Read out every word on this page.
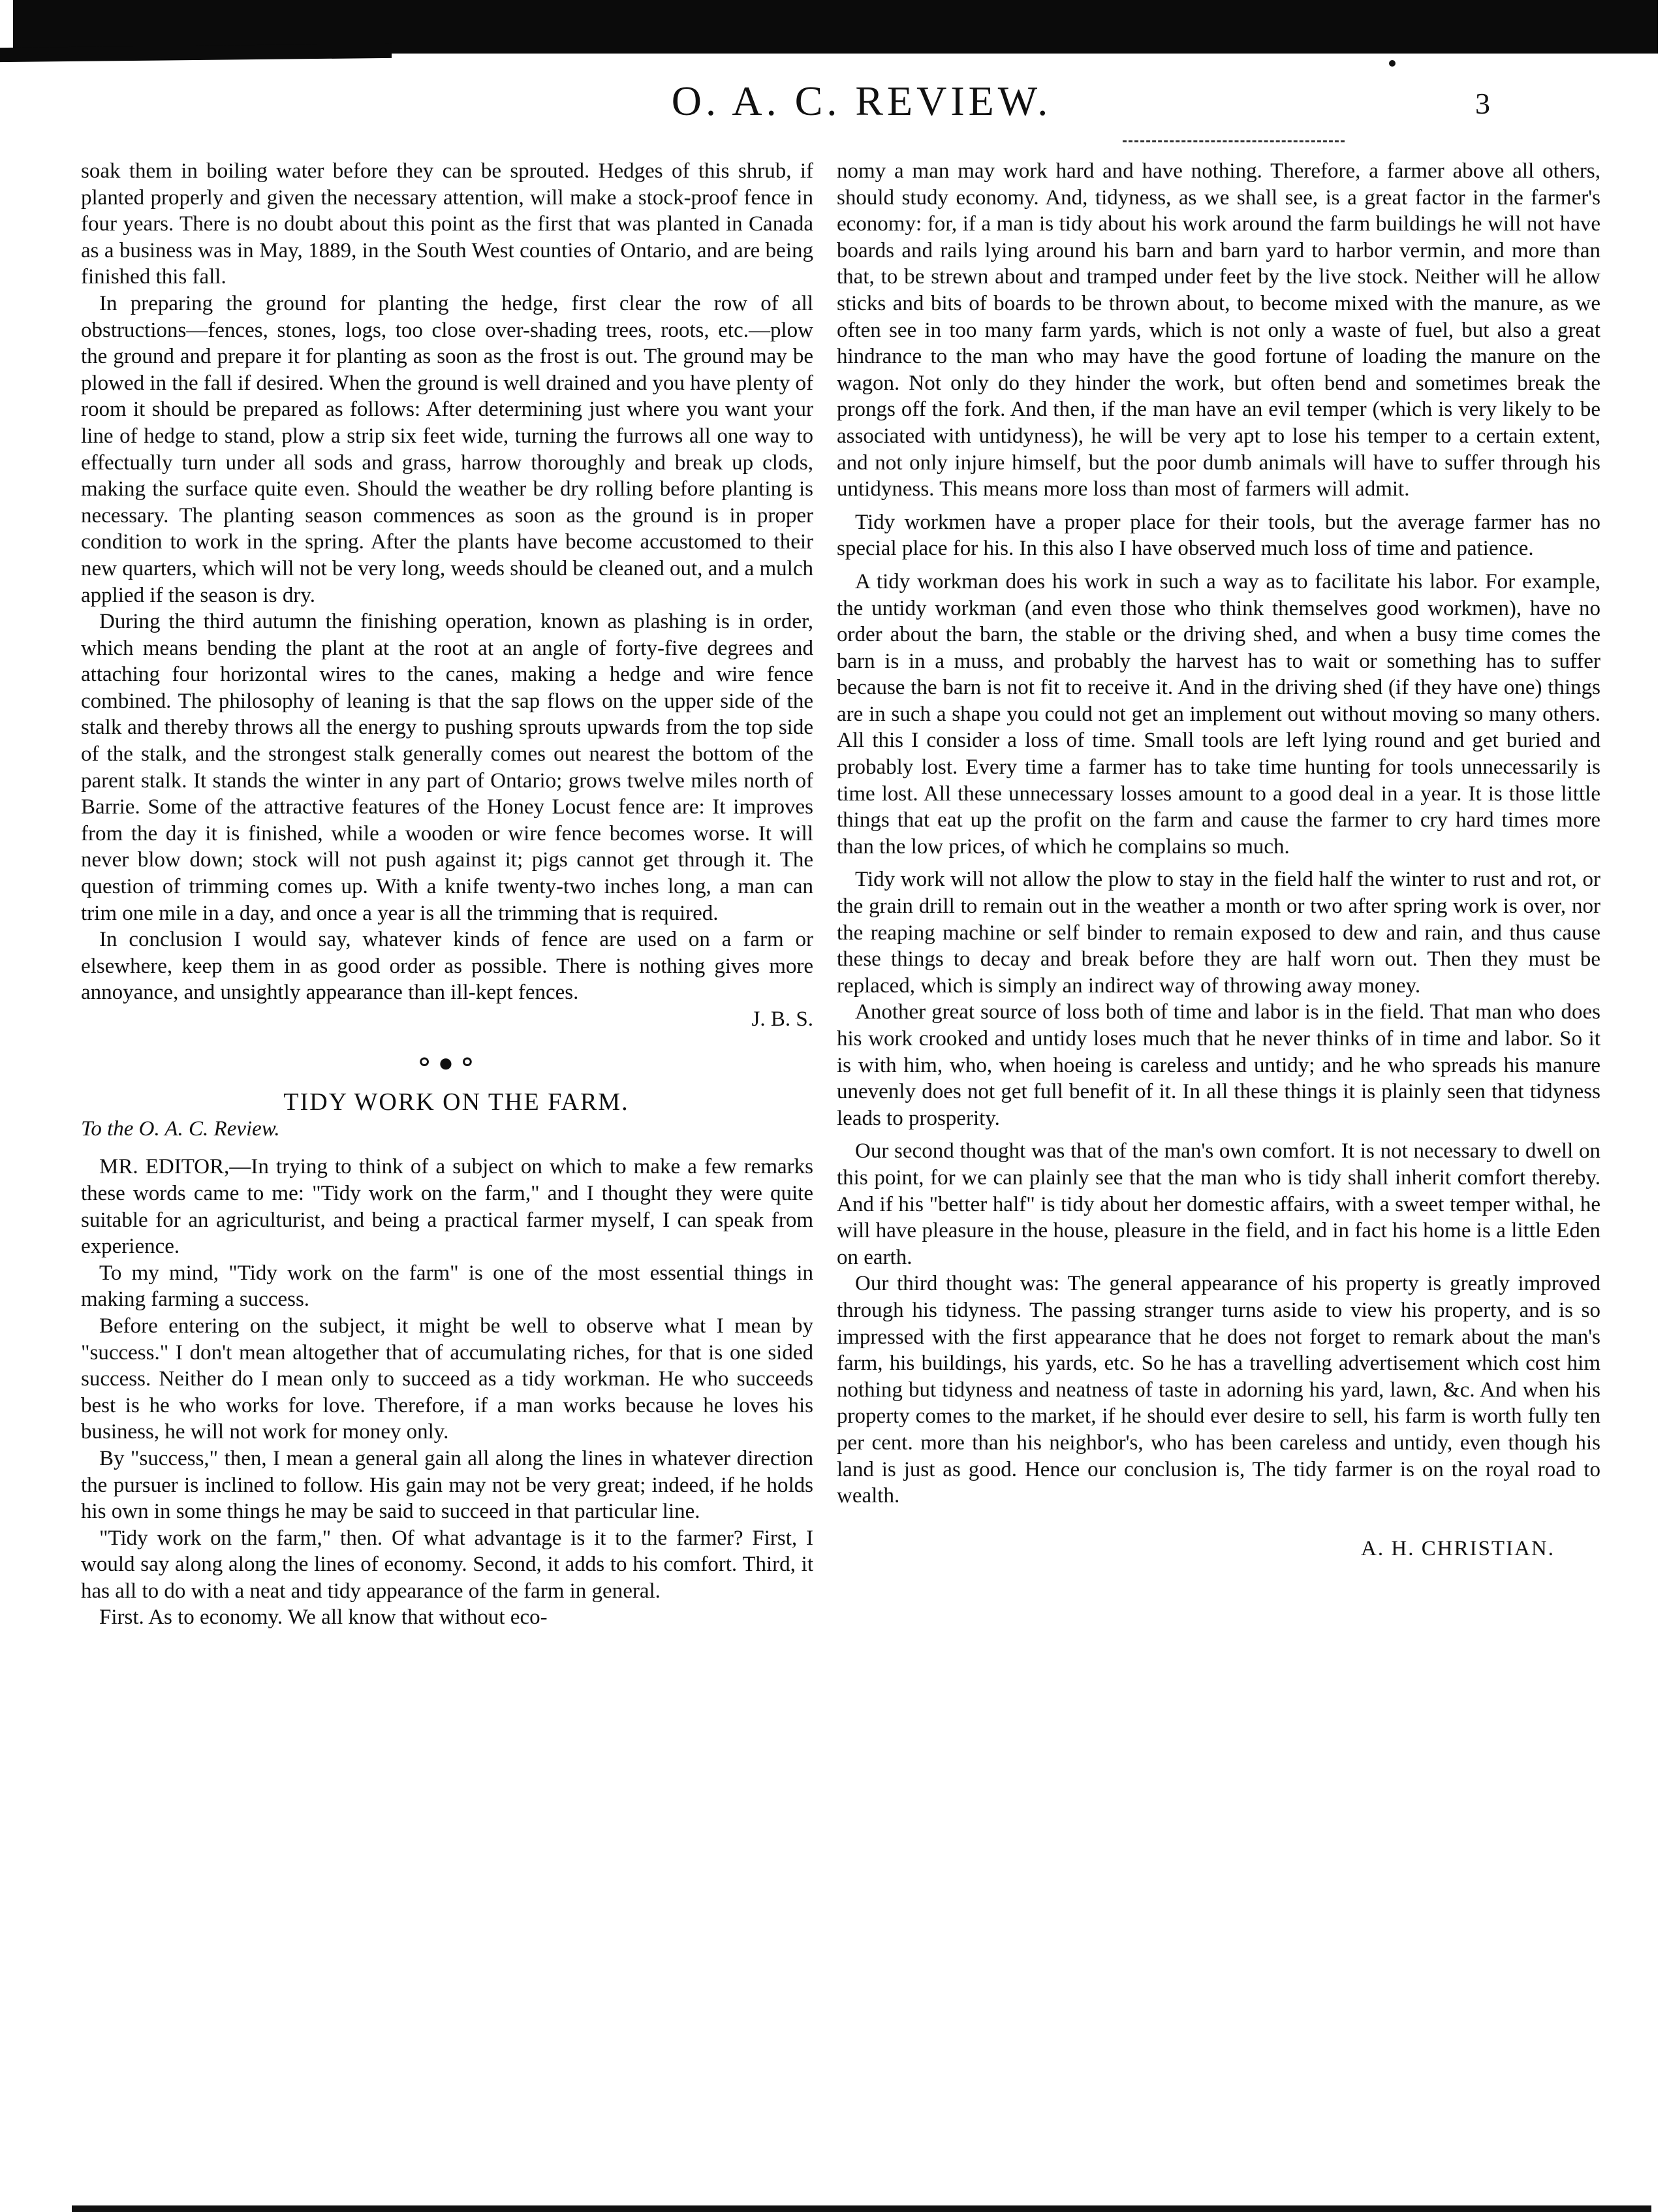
O. A. C. REVIEW.	3

soak them in boiling water before they can be sprouted. Hedges of this shrub, if planted properly and given the necessary attention, will make a stock-proof fence in four years. There is no doubt about this point as the first that was planted in Canada as a business was in May, 1889, in the South West counties of Ontario, and are being finished this fall.

In preparing the ground for planting the hedge, first clear the row of all obstructions—fences, stones, logs, too close over-shading trees, roots, etc.—plow the ground and prepare it for planting as soon as the frost is out. The ground may be plowed in the fall if desired. When the ground is well drained and you have plenty of room it should be prepared as follows: After determining just where you want your line of hedge to stand, plow a strip six feet wide, turning the furrows all one way to effectually turn under all sods and grass, harrow thoroughly and break up clods, making the surface quite even. Should the weather be dry rolling before planting is necessary. The planting season commences as soon as the ground is in proper condition to work in the spring. After the plants have become accustomed to their new quarters, which will not be very long, weeds should be cleaned out, and a mulch applied if the season is dry.

During the third autumn the finishing operation, known as plashing is in order, which means bending the plant at the root at an angle of forty-five degrees and attaching four horizontal wires to the canes, making a hedge and wire fence combined. The philosophy of leaning is that the sap flows on the upper side of the stalk and thereby throws all the energy to pushing sprouts upwards from the top side of the stalk, and the strongest stalk generally comes out nearest the bottom of the parent stalk. It stands the winter in any part of Ontario; grows twelve miles north of Barrie. Some of the attractive features of the Honey Locust fence are: It improves from the day it is finished, while a wooden or wire fence becomes worse. It will never blow down; stock will not push against it; pigs cannot get through it. The question of trimming comes up. With a knife twenty-two inches long, a man can trim one mile in a day, and once a year is all the trimming that is required.

In conclusion I would say, whatever kinds of fence are used on a farm or elsewhere, keep them in as good order as possible. There is nothing gives more annoyance, and unsightly appearance than ill-kept fences.

J. B. S.

⚬●⚬

TIDY WORK ON THE FARM.

To the O. A. C. Review.

MR. EDITOR,—In trying to think of a subject on which to make a few remarks these words came to me: "Tidy work on the farm," and I thought they were quite suitable for an agriculturist, and being a practical farmer myself, I can speak from experience.

To my mind, "Tidy work on the farm" is one of the most essential things in making farming a success.

Before entering on the subject, it might be well to observe what I mean by "success." I don't mean altogether that of accumulating riches, for that is one sided success. Neither do I mean only to succeed as a tidy workman. He who succeeds best is he who works for love. Therefore, if a man works because he loves his business, he will not work for money only.

By "success," then, I mean a general gain all along the lines in whatever direction the pursuer is inclined to follow. His gain may not be very great; indeed, if he holds his own in some things he may be said to succeed in that particular line.

"Tidy work on the farm," then. Of what advantage is it to the farmer? First, I would say along along the lines of economy. Second, it adds to his comfort. Third, it has all to do with a neat and tidy appearance of the farm in general.

First. As to economy. We all know that without eco-

nomy a man may work hard and have nothing. Therefore, a farmer above all others, should study economy. And, tidyness, as we shall see, is a great factor in the farmer's economy: for, if a man is tidy about his work around the farm buildings he will not have boards and rails lying around his barn and barn yard to harbor vermin, and more than that, to be strewn about and tramped under feet by the live stock. Neither will he allow sticks and bits of boards to be thrown about, to become mixed with the manure, as we often see in too many farm yards, which is not only a waste of fuel, but also a great hindrance to the man who may have the good fortune of loading the manure on the wagon. Not only do they hinder the work, but often bend and sometimes break the prongs off the fork. And then, if the man have an evil temper (which is very likely to be associated with untidyness), he will be very apt to lose his temper to a certain extent, and not only injure himself, but the poor dumb animals will have to suffer through his untidyness. This means more loss than most of farmers will admit.

Tidy workmen have a proper place for their tools, but the average farmer has no special place for his. In this also I have observed much loss of time and patience.

A tidy workman does his work in such a way as to facilitate his labor. For example, the untidy workman (and even those who think themselves good workmen), have no order about the barn, the stable or the driving shed, and when a busy time comes the barn is in a muss, and probably the harvest has to wait or something has to suffer because the barn is not fit to receive it. And in the driving shed (if they have one) things are in such a shape you could not get an implement out without moving so many others. All this I consider a loss of time. Small tools are left lying round and get buried and probably lost. Every time a farmer has to take time hunting for tools unnecessarily is time lost. All these unnecessary losses amount to a good deal in a year. It is those little things that eat up the profit on the farm and cause the farmer to cry hard times more than the low prices, of which he complains so much.

Tidy work will not allow the plow to stay in the field half the winter to rust and rot, or the grain drill to remain out in the weather a month or two after spring work is over, nor the reaping machine or self binder to remain exposed to dew and rain, and thus cause these things to decay and break before they are half worn out. Then they must be replaced, which is simply an indirect way of throwing away money.

Another great source of loss both of time and labor is in the field. That man who does his work crooked and untidy loses much that he never thinks of in time and labor. So it is with him, who, when hoeing is careless and untidy; and he who spreads his manure unevenly does not get full benefit of it. In all these things it is plainly seen that tidyness leads to prosperity.

Our second thought was that of the man's own comfort. It is not necessary to dwell on this point, for we can plainly see that the man who is tidy shall inherit comfort thereby. And if his "better half" is tidy about her domestic affairs, with a sweet temper withal, he will have pleasure in the house, pleasure in the field, and in fact his home is a little Eden on earth.

Our third thought was: The general appearance of his property is greatly improved through his tidyness. The passing stranger turns aside to view his property, and is so impressed with the first appearance that he does not forget to remark about the man's farm, his buildings, his yards, etc. So he has a travelling advertisement which cost him nothing but tidyness and neatness of taste in adorning his yard, lawn, &c. And when his property comes to the market, if he should ever desire to sell, his farm is worth fully ten per cent. more than his neighbor's, who has been careless and untidy, even though his land is just as good. Hence our conclusion is, The tidy farmer is on the royal road to wealth.

A. H. CHRISTIAN.
